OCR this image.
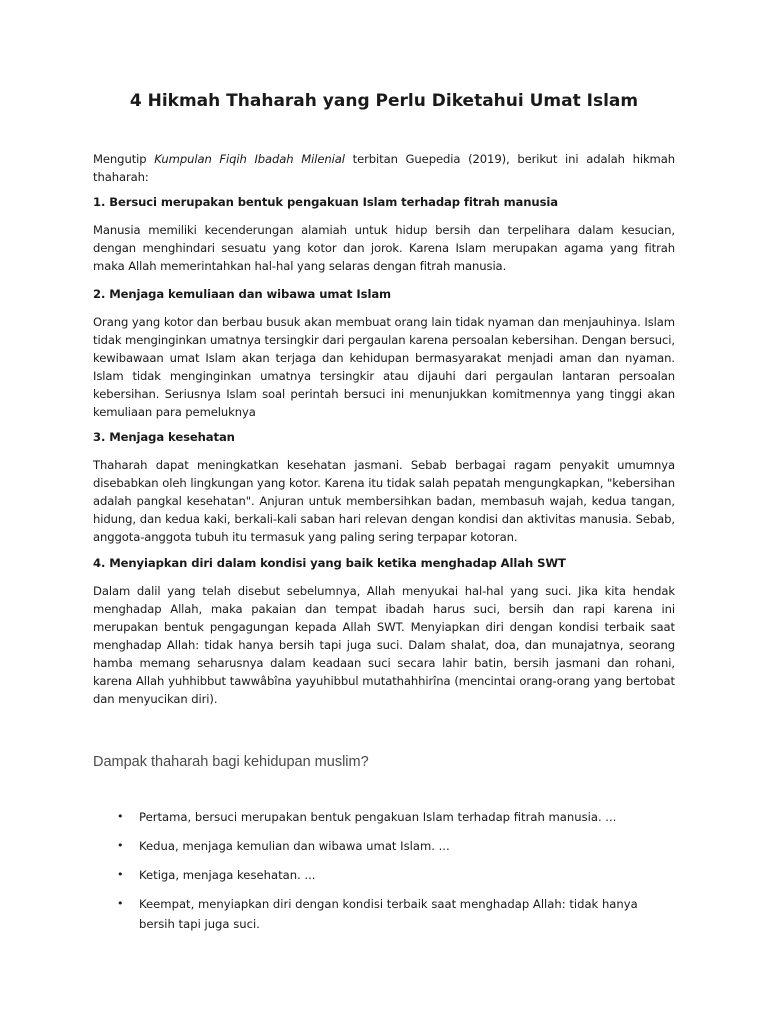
4 Hikmah Thaharah yang Perlu Diketahui Umat Islam

Mengutip Kumpulan Fiqih Ibadah Milenial terbitan Guepedia (2019), berikut ini adalah hikmah thaharah:

1. Bersuci merupakan bentuk pengakuan Islam terhadap fitrah manusia

Manusia memiliki kecenderungan alamiah untuk hidup bersih dan terpelihara dalam kesucian, dengan menghindari sesuatu yang kotor dan jorok. Karena Islam merupakan agama yang fitrah maka Allah memerintahkan hal-hal yang selaras dengan fitrah manusia.

2. Menjaga kemuliaan dan wibawa umat Islam

Orang yang kotor dan berbau busuk akan membuat orang lain tidak nyaman dan menjauhinya. Islam tidak menginginkan umatnya tersingkir dari pergaulan karena persoalan kebersihan. Dengan bersuci, kewibawaan umat Islam akan terjaga dan kehidupan bermasyarakat menjadi aman dan nyaman. Islam tidak menginginkan umatnya tersingkir atau dijauhi dari pergaulan lantaran persoalan kebersihan. Seriusnya Islam soal perintah bersuci ini menunjukkan komitmennya yang tinggi akan kemuliaan para pemeluknya

3. Menjaga kesehatan

Thaharah dapat meningkatkan kesehatan jasmani. Sebab berbagai ragam penyakit umumnya disebabkan oleh lingkungan yang kotor. Karena itu tidak salah pepatah mengungkapkan, "kebersihan adalah pangkal kesehatan". Anjuran untuk membersihkan badan, membasuh wajah, kedua tangan, hidung, dan kedua kaki, berkali-kali saban hari relevan dengan kondisi dan aktivitas manusia. Sebab, anggota-anggota tubuh itu termasuk yang paling sering terpapar kotoran.

4. Menyiapkan diri dalam kondisi yang baik ketika menghadap Allah SWT

Dalam dalil yang telah disebut sebelumnya, Allah menyukai hal-hal yang suci. Jika kita hendak menghadap Allah, maka pakaian dan tempat ibadah harus suci, bersih dan rapi karena ini merupakan bentuk pengagungan kepada Allah SWT. Menyiapkan diri dengan kondisi terbaik saat menghadap Allah: tidak hanya bersih tapi juga suci. Dalam shalat, doa, dan munajatnya, seorang hamba memang seharusnya dalam keadaan suci secara lahir batin, bersih jasmani dan rohani, karena Allah yuhhibbut tawwâbîna yayuhibbul mutathahhirîna (mencintai orang-orang yang bertobat dan menyucikan diri).

Dampak thaharah bagi kehidupan muslim?
• Pertama, bersuci merupakan bentuk pengakuan Islam terhadap fitrah manusia. ...
• Kedua, menjaga kemulian dan wibawa umat Islam. ...
• Ketiga, menjaga kesehatan. ...
• Keempat, menyiapkan diri dengan kondisi terbaik saat menghadap Allah: tidak hanya bersih tapi juga suci.
